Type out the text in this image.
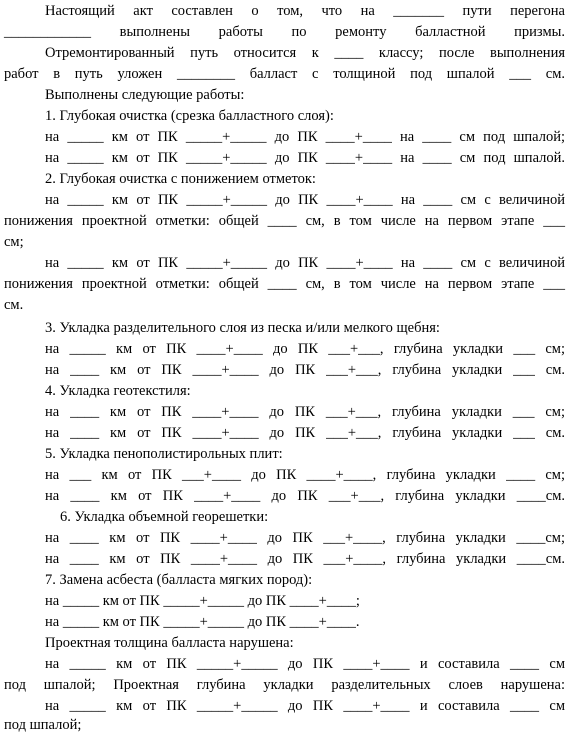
Настоящий акт составлен о том, что на _______ пути перегона
____________ выполнены работы по ремонту балластной призмы.
Отремонтированный путь относится к ____ классу; после выполнения
работ в путь уложен ________ балласт с толщиной под шпалой ___ см.
Выполнены следующие работы:
1. Глубокая очистка (срезка балластного слоя):
на _____ км от ПК _____+_____ до ПК ____+____ на ____ см под шпалой;
на _____ км от ПК _____+_____ до ПК ____+____ на ____ см под шпалой.
2. Глубокая очистка с понижением отметок:
на _____ км от ПК _____+_____ до ПК ____+____ на ____ см с величиной
понижения проектной отметки: общей ____ см, в том числе на первом этапе ___
см;
на _____ км от ПК _____+_____ до ПК ____+____ на ____ см с величиной
понижения проектной отметки: общей ____ см, в том числе на первом этапе ___
см.
3. Укладка разделительного слоя из песка и/или мелкого щебня:
на _____ км от ПК ____+____ до ПК ___+___, глубина укладки ___ см;
на ____ км от ПК ____+____ до ПК ___+___, глубина укладки ___ см.
4. Укладка геотекстиля:
на ____ км от ПК ____+____ до ПК ___+___, глубина укладки ___ см;
на ____ км от ПК ____+____ до ПК ___+___, глубина укладки ___ см.
5. Укладка пенополистирольных плит:
на ___ км от ПК ___+____ до ПК ____+____, глубина укладки ____ см;
на ____ км от ПК ____+____ до ПК ___+___, глубина укладки ____см.
6. Укладка объемной георешетки:
на ____ км от ПК ____+____ до ПК ___+____, глубина укладки ____см;
на ____ км от ПК ____+____ до ПК ___+____, глубина укладки ____см.
7. Замена асбеста (балласта мягких пород):
на _____ км от ПК _____+_____ до ПК ____+____;
на _____ км от ПК _____+_____ до ПК ____+____.
Проектная толщина балласта нарушена:
на _____ км от ПК _____+_____ до ПК ____+____ и составила ____ см
под шпалой; Проектная глубина укладки разделительных слоев нарушена:
на _____ км от ПК _____+_____ до ПК ____+____ и составила ____ см
под шпалой;
